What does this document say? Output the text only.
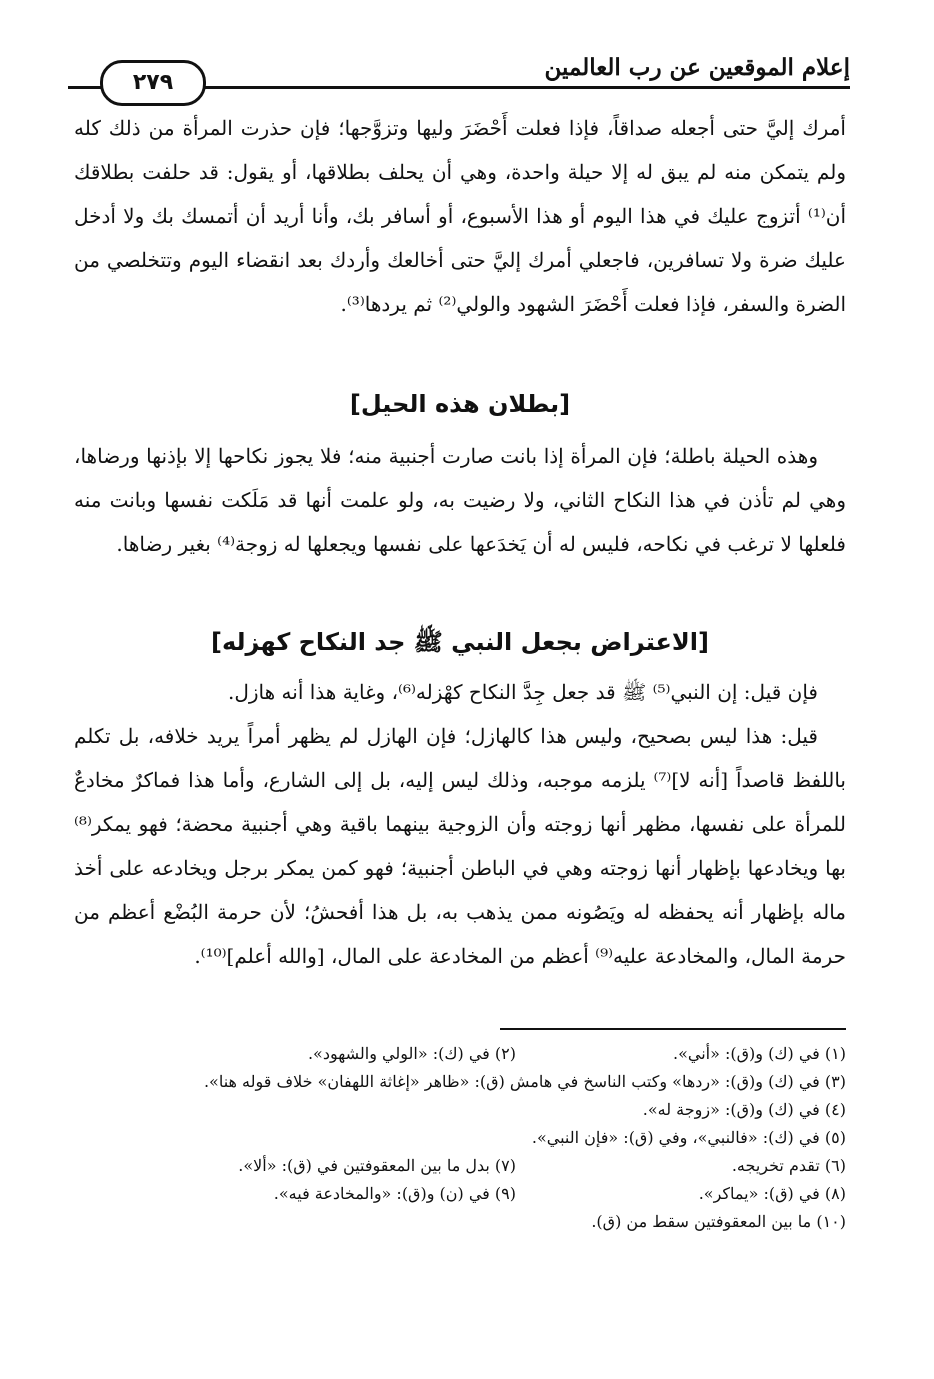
إعلام الموقعين عن رب العالمين
٢٧٩

أمرك إليَّ حتى أجعله صداقاً، فإذا فعلت أَحْضَرَ وليها وتزوَّجها؛ فإن حذرت المرأة من ذلك كله ولم يتمكن منه لم يبق له إلا حيلة واحدة، وهي أن يحلف بطلاقها، أو يقول: قد حلفت بطلاقك أن⁽¹⁾ أتزوج عليك في هذا اليوم أو هذا الأسبوع، أو أسافر بك، وأنا أريد أن أتمسك بك ولا أدخل عليك ضرة ولا تسافرين، فاجعلي أمرك إليَّ حتى أخالعك وأردك بعد انقضاء اليوم وتتخلصي من الضرة والسفر، فإذا فعلت أَحْضَرَ الشهود والولي⁽²⁾ ثم يردها⁽³⁾.

[بطلان هذه الحيل]

وهذه الحيلة باطلة؛ فإن المرأة إذا بانت صارت أجنبية منه؛ فلا يجوز نكاحها إلا بإذنها ورضاها، وهي لم تأذن في هذا النكاح الثاني، ولا رضيت به، ولو علمت أنها قد مَلَكت نفسها وبانت منه فلعلها لا ترغب في نكاحه، فليس له أن يَخدَعها على نفسها ويجعلها له زوجة⁽⁴⁾ بغير رضاها.

[الاعتراض بجعل النبي ﷺ جد النكاح كهزله]

فإن قيل: إن النبي⁽⁵⁾ ﷺ قد جعل جِدَّ النكاح كهْزله⁽⁶⁾، وغاية هذا أنه هازل.

قيل: هذا ليس بصحيح، وليس هذا كالهازل؛ فإن الهازل لم يظهر أمراً يريد خلافه، بل تكلم باللفظ قاصداً [أنه لا]⁽⁷⁾ يلزمه موجبه، وذلك ليس إليه، بل إلى الشارع، وأما هذا فماكرٌ مخادعٌ للمرأة على نفسها، مظهر أنها زوجته وأن الزوجية بينهما باقية وهي أجنبية محضة؛ فهو يمكر⁽⁸⁾ بها ويخادعها بإظهار أنها زوجته وهي في الباطن أجنبية؛ فهو كمن يمكر برجل ويخادعه على أخذ ماله بإظهار أنه يحفظه له ويَصُونه ممن يذهب به، بل هذا أفحشُ؛ لأن حرمة البُضْع أعظم من حرمة المال، والمخادعة عليه⁽⁹⁾ أعظم من المخادعة على المال، [والله أعلم]⁽¹⁰⁾.

(١) في (ك) و(ق): «أني».
(٢) في (ك): «الولي والشهود».
(٣) في (ك) و(ق): «ردها» وكتب الناسخ في هامش (ق): «ظاهر «إغاثة اللهفان» خلاف قوله هنا».
(٤) في (ك) و(ق): «زوجة له».
(٥) في (ك): «فالنبي»، وفي (ق): «فإن النبي».
(٦) تقدم تخريجه.
(٧) بدل ما بين المعقوفتين في (ق): «ألا».
(٨) في (ق): «يماكر».
(٩) في (ن) و(ق): «والمخادعة فيه».
(١٠) ما بين المعقوفتين سقط من (ق).
